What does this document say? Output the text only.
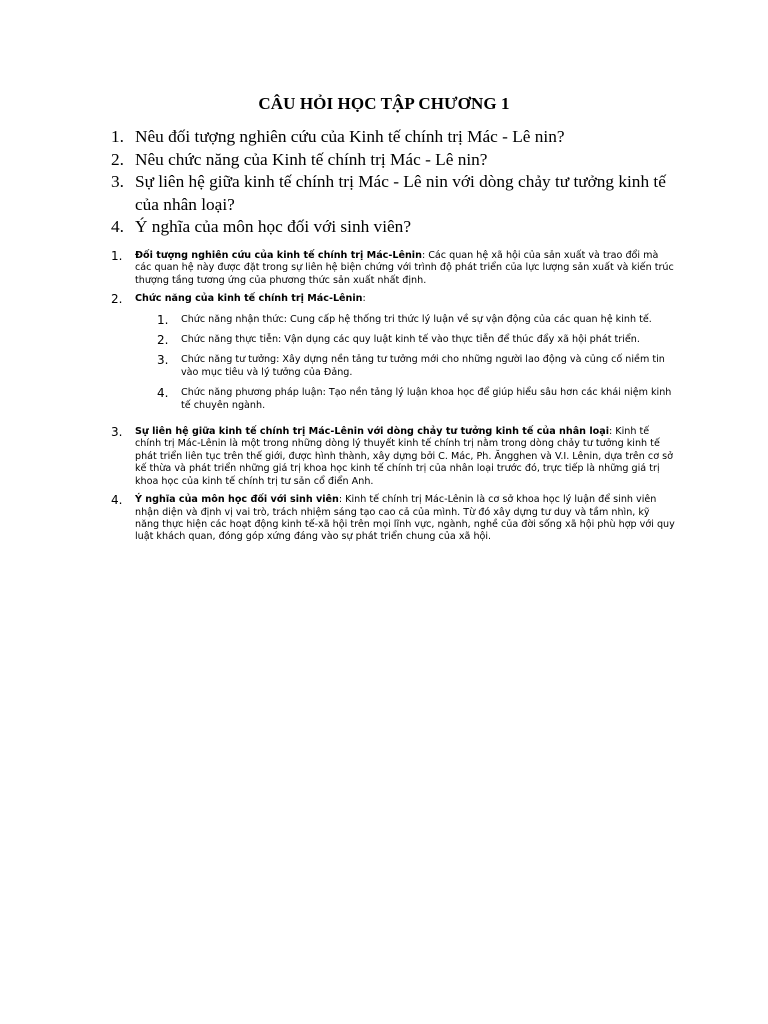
CÂU HỎI HỌC TẬP CHƯƠNG 1
1. Nêu đối tượng nghiên cứu của Kinh tế chính trị Mác - Lê nin?
2. Nêu chức năng của Kinh tế chính trị Mác - Lê nin?
3. Sự liên hệ giữa kinh tế chính trị Mác - Lê nin với dòng chảy tư tưởng kinh tế của nhân loại?
4. Ý nghĩa của môn học đối với sinh viên?
1.	Đối tượng nghiên cứu của kinh tế chính trị Mác-Lênin: Các quan hệ xã hội của sản xuất và trao đổi mà các quan hệ này được đặt trong sự liên hệ biện chứng với trình độ phát triển của lực lượng sản xuất và kiến trúc thượng tầng tương ứng của phương thức sản xuất nhất định.
2.	Chức năng của kinh tế chính trị Mác-Lênin:
1.	Chức năng nhận thức: Cung cấp hệ thống tri thức lý luận về sự vận động của các quan hệ kinh tế.
2.	Chức năng thực tiễn: Vận dụng các quy luật kinh tế vào thực tiễn để thúc đẩy xã hội phát triển.
3.	Chức năng tư tưởng: Xây dựng nền tảng tư tưởng mới cho những người lao động và củng cố niềm tin vào mục tiêu và lý tưởng của Đảng.
4.	Chức năng phương pháp luận: Tạo nền tảng lý luận khoa học để giúp hiểu sâu hơn các khái niệm kinh tế chuyên ngành.
3.	Sự liên hệ giữa kinh tế chính trị Mác-Lênin với dòng chảy tư tưởng kinh tế của nhân loại: Kinh tế chính trị Mác-Lênin là một trong những dòng lý thuyết kinh tế chính trị nằm trong dòng chảy tư tưởng kinh tế phát triển liên tục trên thế giới, được hình thành, xây dựng bởi C. Mác, Ph. Ăngghen và V.I. Lênin, dựa trên cơ sở kế thừa và phát triển những giá trị khoa học kinh tế chính trị của nhân loại trước đó, trực tiếp là những giá trị khoa học của kinh tế chính trị tư sản cổ điển Anh.
4.	Ý nghĩa của môn học đối với sinh viên: Kinh tế chính trị Mác-Lênin là cơ sở khoa học lý luận để sinh viên nhận diện và định vị vai trò, trách nhiệm sáng tạo cao cả của mình. Từ đó xây dựng tư duy và tầm nhìn, kỹ năng thực hiện các hoạt động kinh tế-xã hội trên mọi lĩnh vực, ngành, nghề của đời sống xã hội phù hợp với quy luật khách quan, đóng góp xứng đáng vào sự phát triển chung của xã hội.
